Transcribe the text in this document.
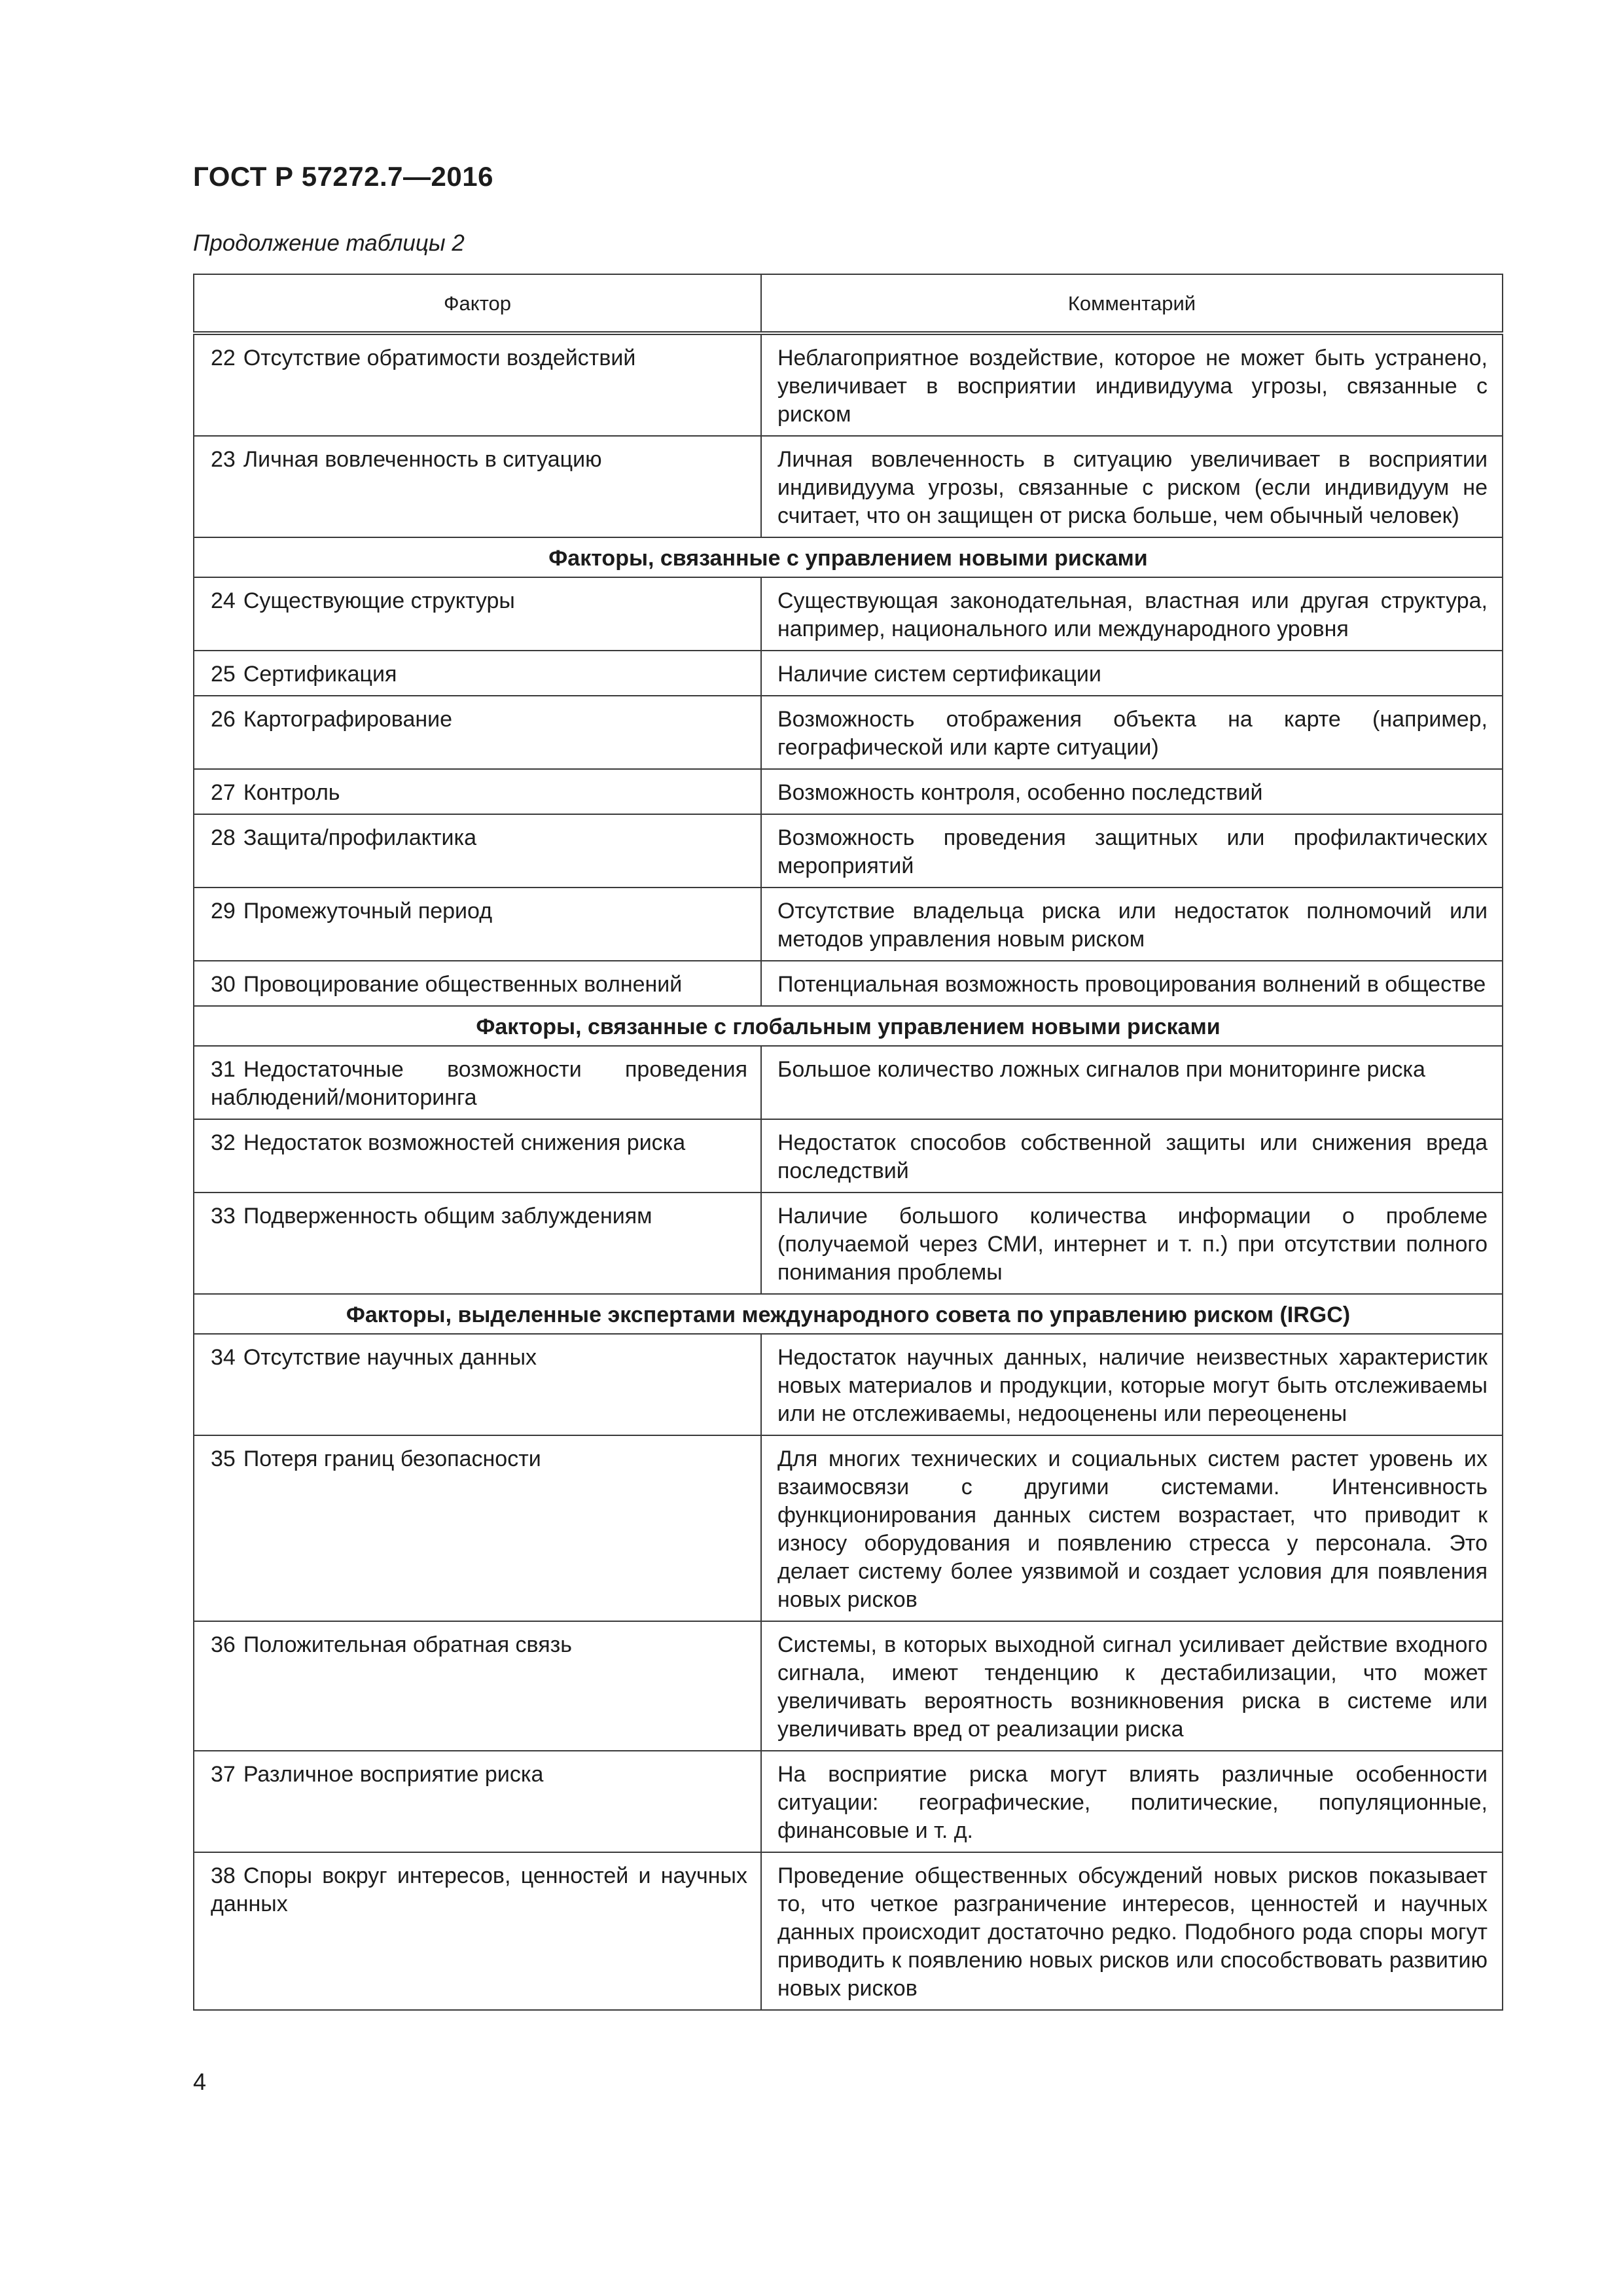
ГОСТ Р 57272.7—2016
Продолжение таблицы 2
Фактор	Комментарий
22 Отсутствие обратимости воздействий	Неблагоприятное воздействие, которое не может быть устранено, увеличивает в восприятии индивидуума угрозы, связанные с риском
23 Личная вовлеченность в ситуацию	Личная вовлеченность в ситуацию увеличивает в восприятии индивидуума угрозы, связанные с риском (если индивидуум не считает, что он защищен от риска больше, чем обычный человек)
Факторы, связанные с управлением новыми рисками	
24 Существующие структуры	Существующая законодательная, властная или другая структура, например, национального или международного уровня
25 Сертификация	Наличие систем сертификации
26 Картографирование	Возможность отображения объекта на карте (например, географической или карте ситуации)
27 Контроль	Возможность контроля, особенно последствий
28 Защита/профилактика	Возможность проведения защитных или профилактических мероприятий
29 Промежуточный период	Отсутствие владельца риска или недостаток полномочий или методов управления новым риском
30 Провоцирование общественных волнений	Потенциальная возможность провоцирования волнений в обществе
Факторы, связанные с глобальным управлением новыми рисками	
31 Недостаточные возможности проведения наблюдений/мониторинга	Большое количество ложных сигналов при мониторинге риска
32 Недостаток возможностей снижения риска	Недостаток способов собственной защиты или снижения вреда последствий
33 Подверженность общим заблуждениям	Наличие большого количества информации о проблеме (получаемой через СМИ, интернет и т. п.) при отсутствии полного понимания проблемы
Факторы, выделенные экспертами международного совета по управлению риском (IRGC)	
34 Отсутствие научных данных	Недостаток научных данных, наличие неизвестных характеристик новых материалов и продукции, которые могут быть отслеживаемы или не отслеживаемы, недооценены или переоценены
35 Потеря границ безопасности	Для многих технических и социальных систем растет уровень их взаимосвязи с другими системами. Интенсивность функционирования данных систем возрастает, что приводит к износу оборудования и появлению стресса у персонала. Это делает систему более уязвимой и создает условия для появления новых рисков
36 Положительная обратная связь	Системы, в которых выходной сигнал усиливает действие входного сигнала, имеют тенденцию к дестабилизации, что может увеличивать вероятность возникновения риска в системе или увеличивать вред от реализации риска
37 Различное восприятие риска	На восприятие риска могут влиять различные особенности ситуации: географические, политические, популяционные, финансовые и т. д.
38 Споры вокруг интересов, ценностей и научных данных	Проведение общественных обсуждений новых рисков показывает то, что четкое разграничение интересов, ценностей и научных данных происходит достаточно редко. Подобного рода споры могут приводить к появлению новых рисков или способствовать развитию новых рисков
4
